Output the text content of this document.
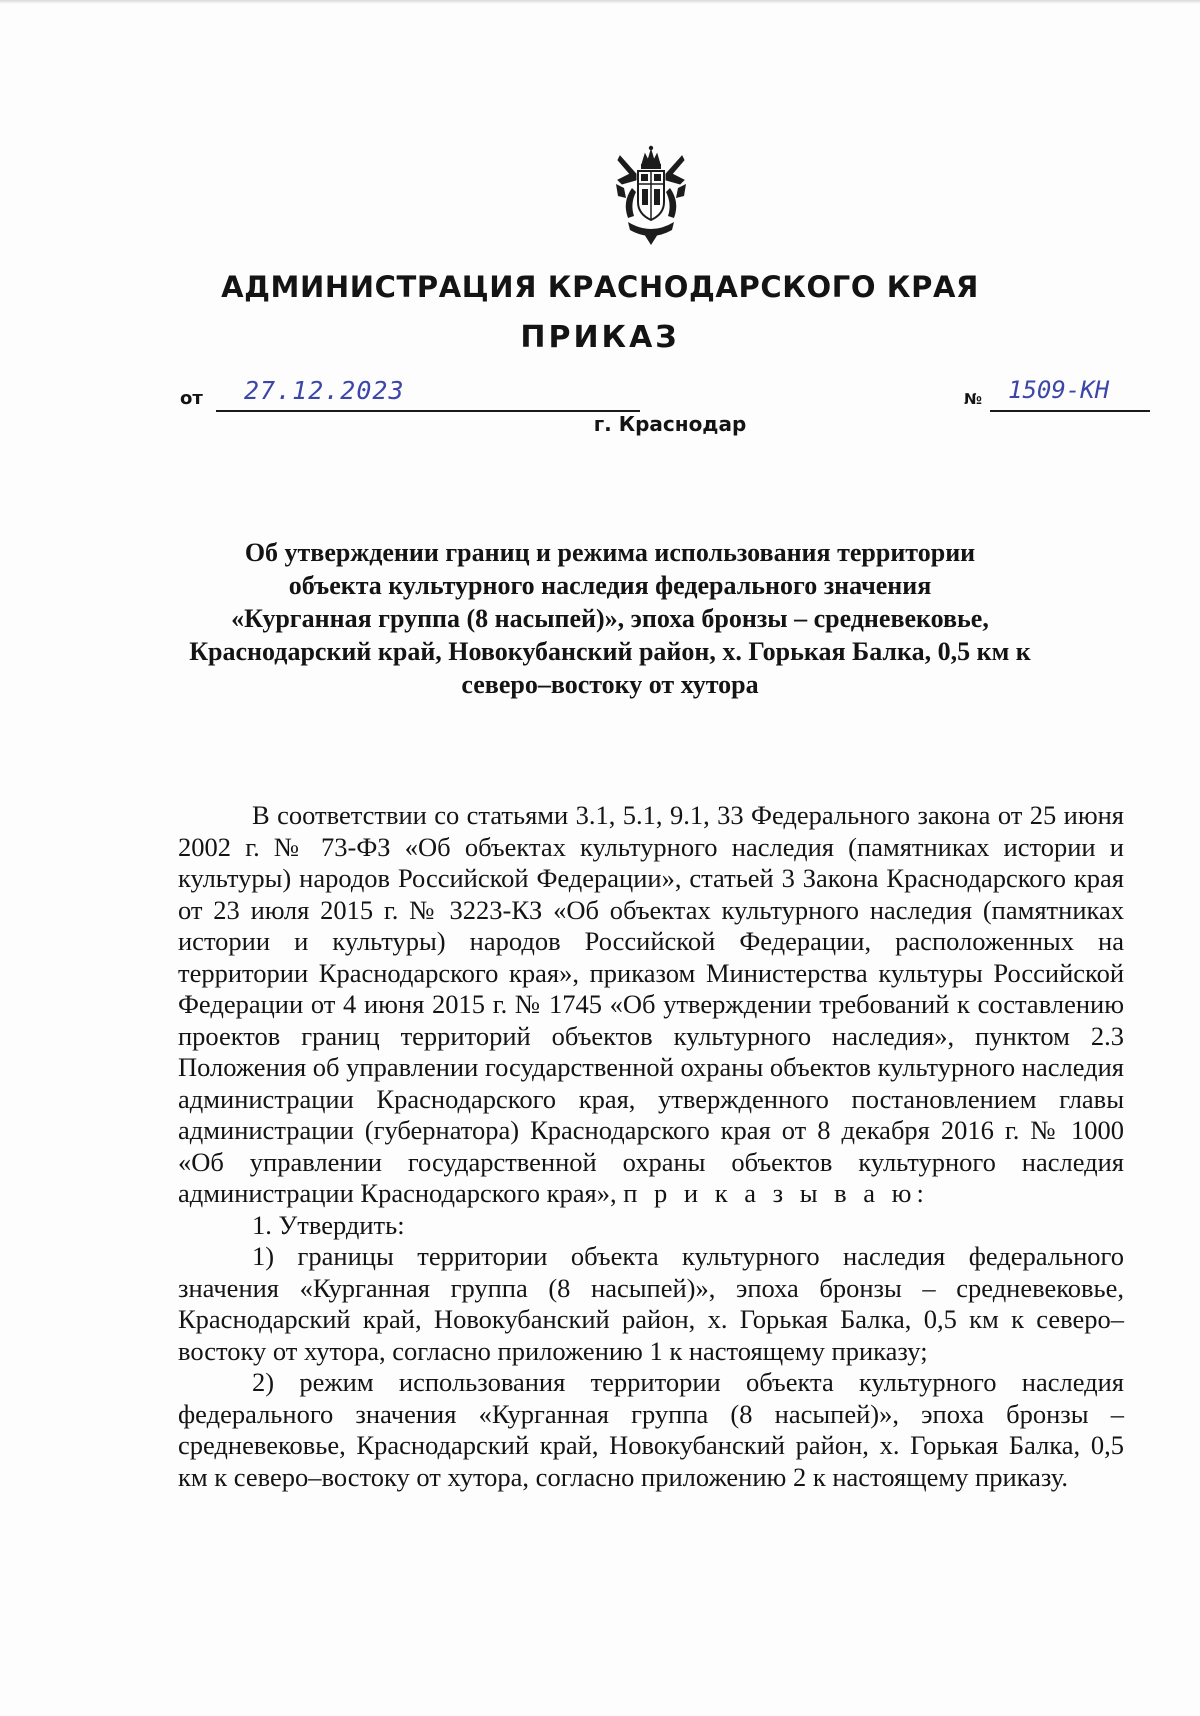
АДМИНИСТРАЦИЯ КРАСНОДАРСКОГО КРАЯ
ПРИКАЗ
от 27.12.2023
г. Краснодар
№ 1509-КН
Об утверждении границ и режима использования территории
объекта культурного наследия федерального значения
«Курганная группа (8 насыпей)», эпоха бронзы – средневековье,
Краснодарский край, Новокубанский район, х. Горькая Балка, 0,5 км к
северо–востоку от хутора

В соответствии со статьями 3.1, 5.1, 9.1, 33 Федерального закона от 25 июня 2002 г. № 73-ФЗ «Об объектах культурного наследия (памятниках истории и культуры) народов Российской Федерации», статьей 3 Закона Краснодарского края от 23 июля 2015 г. № 3223-КЗ «Об объектах культурного наследия (памятниках истории и культуры) народов Российской Федерации, расположенных на территории Краснодарского края», приказом Министерства культуры Российской Федерации от 4 июня 2015 г. № 1745 «Об утверждении требований к составлению проектов границ территорий объектов культурного наследия», пунктом 2.3 Положения об управлении государственной охраны объектов культурного наследия администрации Краснодарского края, утвержденного постановлением главы администрации (губернатора) Краснодарского края от 8 декабря 2016 г. № 1000 «Об управлении государственной охраны объектов культурного наследия администрации Краснодарского края», п р и к а з ы в а ю:

1. Утвердить:

1) границы территории объекта культурного наследия федерального значения «Курганная группа (8 насыпей)», эпоха бронзы – средневековье, Краснодарский край, Новокубанский район, х. Горькая Балка, 0,5 км к северо–востоку от хутора, согласно приложению 1 к настоящему приказу;

2) режим использования территории объекта культурного наследия федерального значения «Курганная группа (8 насыпей)», эпоха бронзы – средневековье, Краснодарский край, Новокубанский район, х. Горькая Балка, 0,5 км к северо–востоку от хутора, согласно приложению 2 к настоящему приказу.
